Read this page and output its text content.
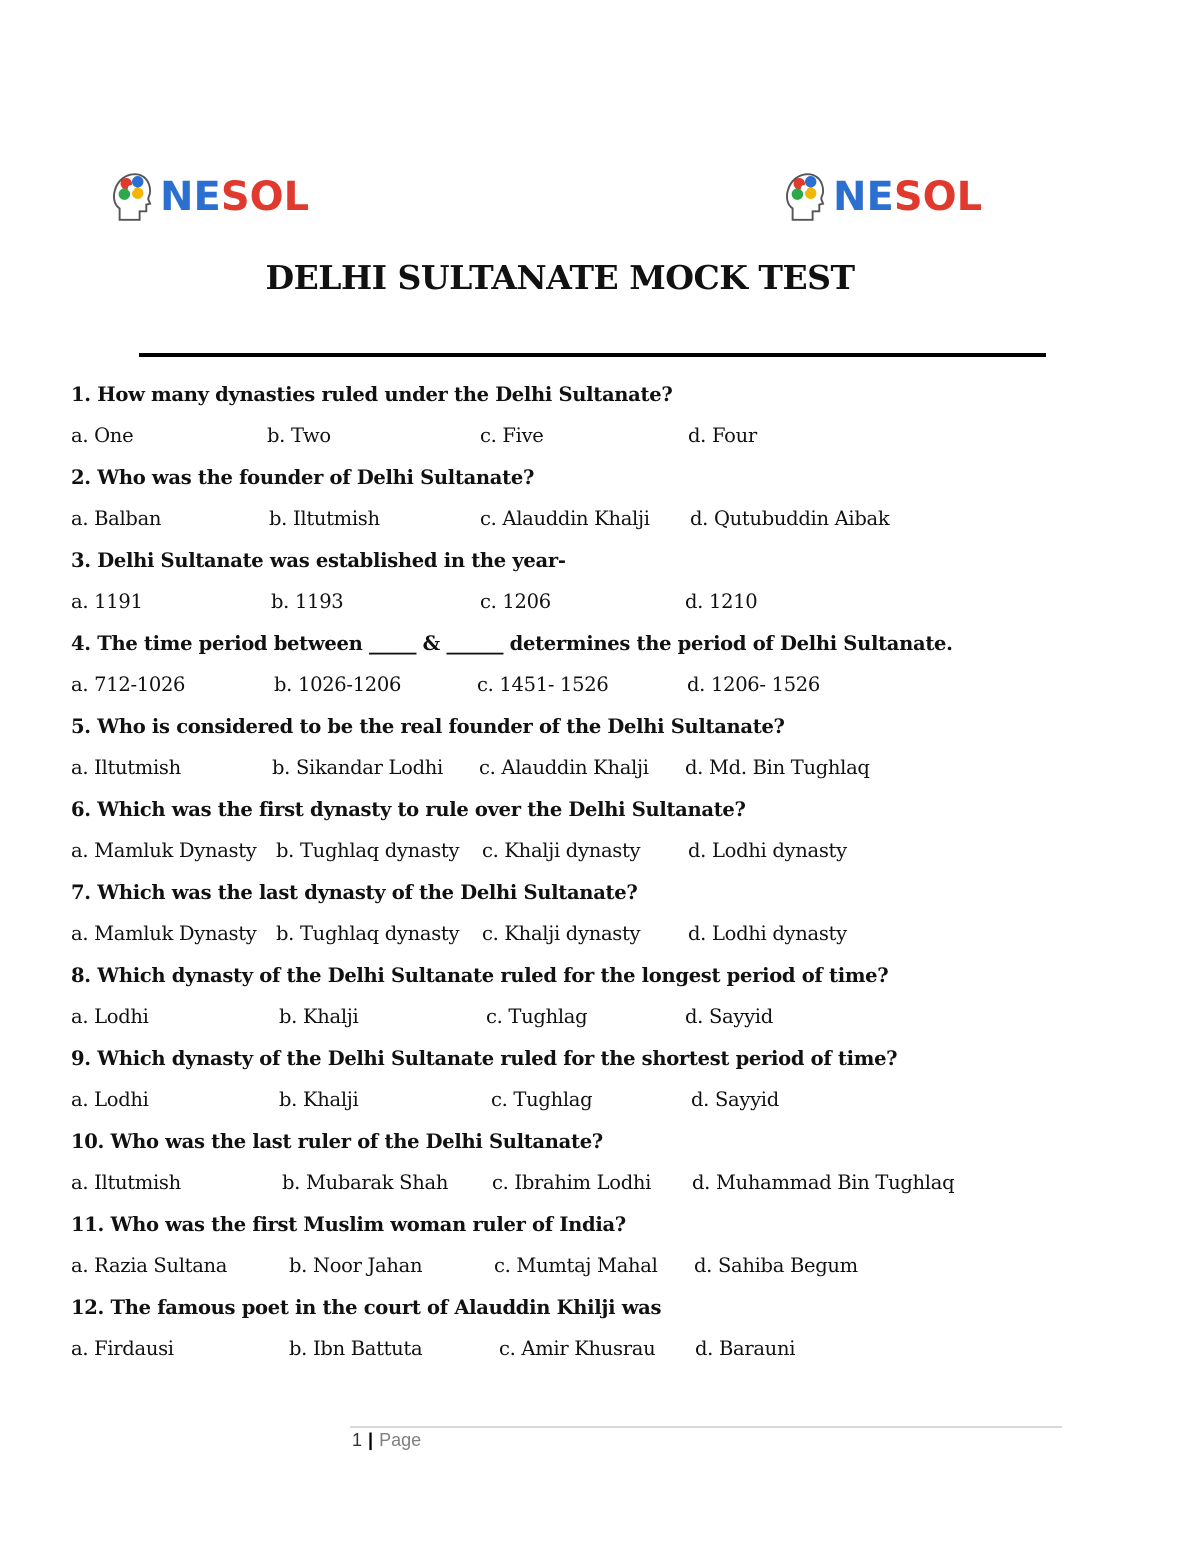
NESOL	NESOL
DELHI SULTANATE MOCK TEST
1. How many dynasties ruled under the Delhi Sultanate?
a. One	b. Two	c. Five	d. Four
2. Who was the founder of Delhi Sultanate?
a. Balban	b. Iltutmish	c. Alauddin Khalji d. Qutubuddin Aibak
3. Delhi Sultanate was established in the year-
a. 1191	b. 1193	c. 1206	d. 1210
4. The time period between _____ & ______ determines the period of Delhi Sultanate.
a. 712-1026	b. 1026-1206	c. 1451- 1526	d. 1206- 1526
5. Who is considered to be the real founder of the Delhi Sultanate?
a. Iltutmish	b. Sikandar Lodhi c. Alauddin Khalji d. Md. Bin Tughlaq
6. Which was the first dynasty to rule over the Delhi Sultanate?
a. Mamluk Dynasty b. Tughlaq dynasty c. Khalji dynasty d. Lodhi dynasty
7. Which was the last dynasty of the Delhi Sultanate?
a. Mamluk Dynasty b. Tughlaq dynasty c. Khalji dynasty d. Lodhi dynasty
8. Which dynasty of the Delhi Sultanate ruled for the longest period of time?
a. Lodhi	b. Khalji	c. Tughlag	d. Sayyid
9. Which dynasty of the Delhi Sultanate ruled for the shortest period of time?
a. Lodhi	b. Khalji	c. Tughlag	d. Sayyid
10. Who was the last ruler of the Delhi Sultanate?
a. Iltutmish	b. Mubarak Shah c. Ibrahim Lodhi d. Muhammad Bin Tughlaq
11. Who was the first Muslim woman ruler of India?
a. Razia Sultana	b. Noor Jahan	c. Mumtaj Mahal d. Sahiba Begum
12. The famous poet in the court of Alauddin Khilji was
a. Firdausi	b. Ibn Battuta	c. Amir Khusrau d. Barauni
1 | Page
